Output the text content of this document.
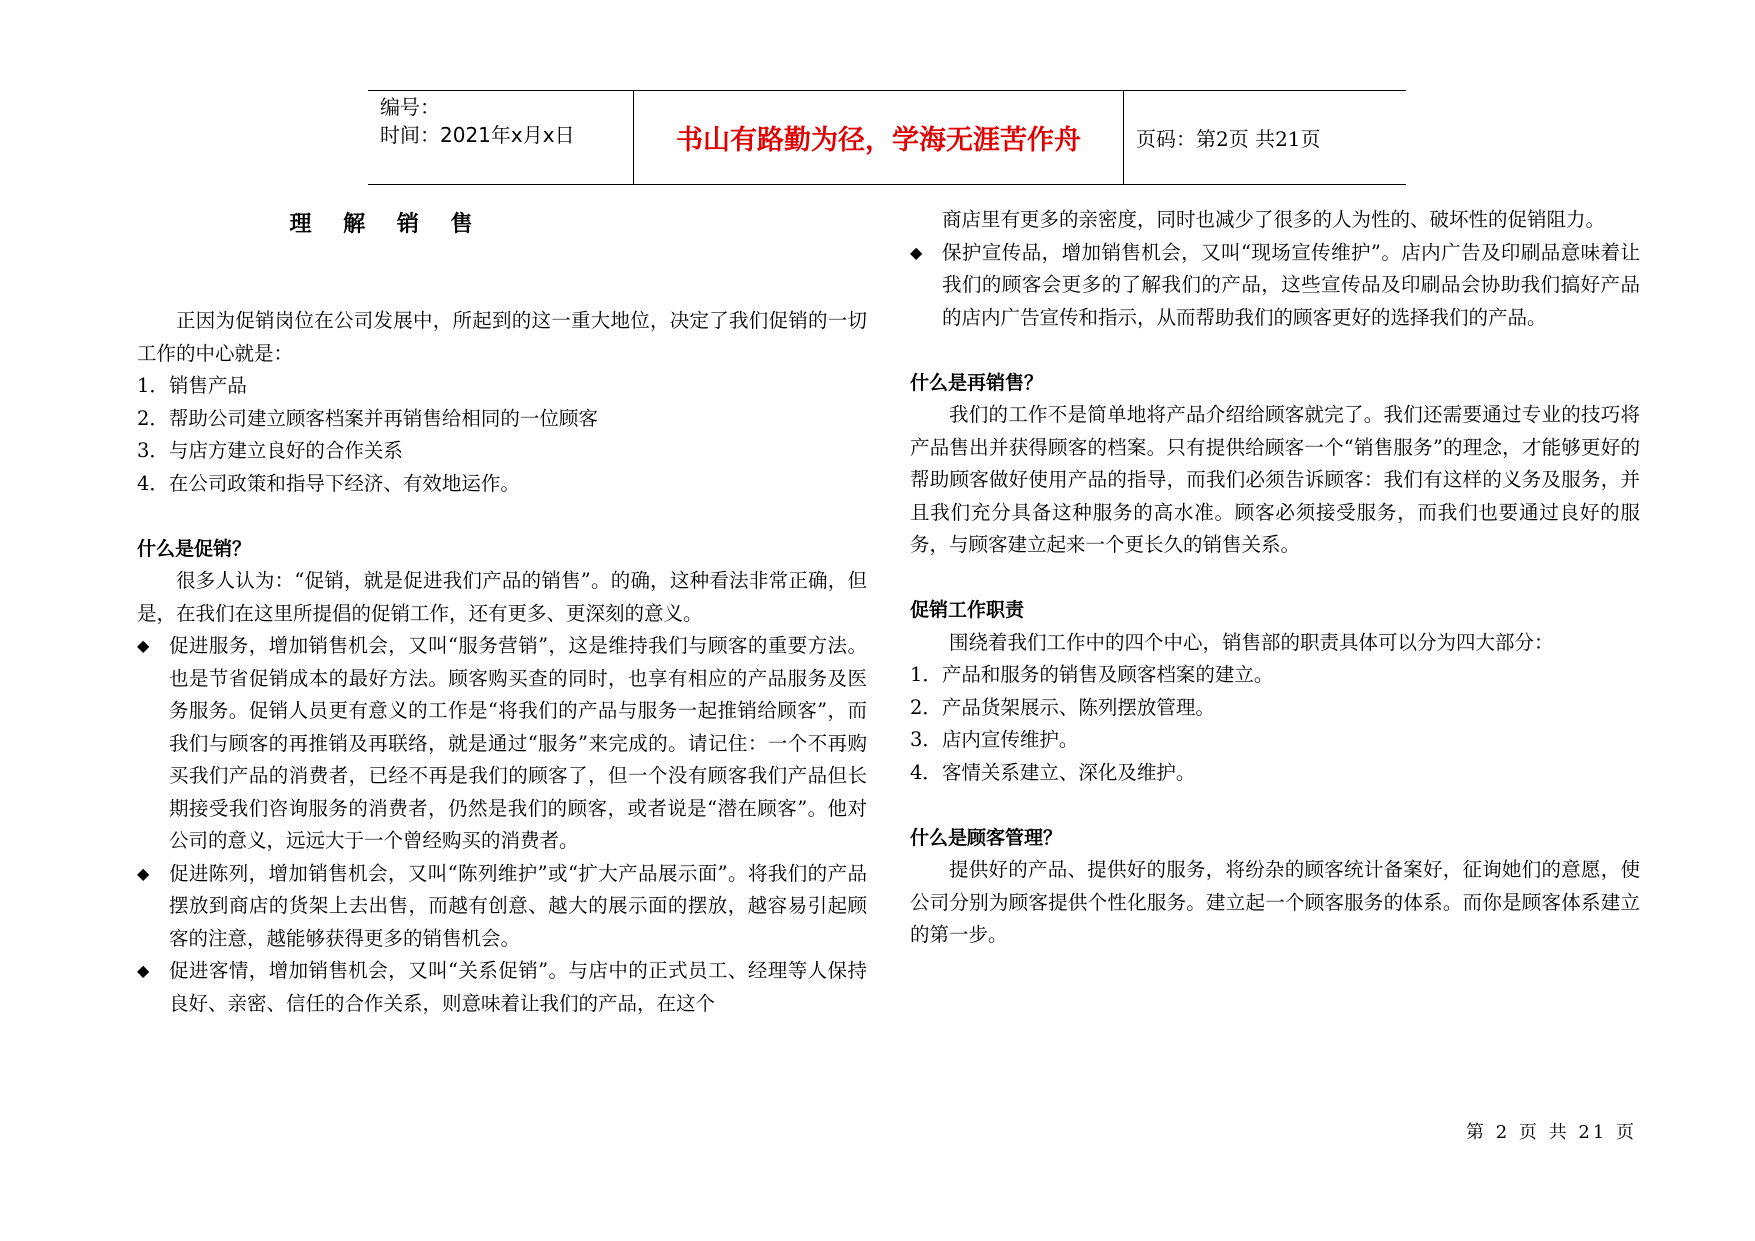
编号：
时间：2021年x月x日	书山有路勤为径，学海无涯苦作舟	页码：第2页 共21页

理 解 销 售

正因为促销岗位在公司发展中，所起到的这一重大地位，决定了我们促销的一切工作的中心就是：

1．销售产品

2．帮助公司建立顾客档案并再销售给相同的一位顾客

3．与店方建立良好的合作关系

4．在公司政策和指导下经济、有效地运作。

什么是促销？

很多人认为：“促销，就是促进我们产品的销售”。的确，这种看法非常正确，但是，在我们在这里所提倡的促销工作，还有更多、更深刻的意义。

◆	促进服务，增加销售机会，又叫“服务营销”，这是维持我们与顾客的重要方法。也是节省促销成本的最好方法。顾客购买查的同时，也享有相应的产品服务及医务服务。促销人员更有意义的工作是“将我们的产品与服务一起推销给顾客”，而我们与顾客的再推销及再联络，就是通过“服务”来完成的。请记住：一个不再购买我们产品的消费者，已经不再是我们的顾客了，但一个没有顾客我们产品但长期接受我们咨询服务的消费者，仍然是我们的顾客，或者说是“潜在顾客”。他对公司的意义，远远大于一个曾经购买的消费者。
◆	促进陈列，增加销售机会，又叫“陈列维护”或“扩大产品展示面”。将我们的产品摆放到商店的货架上去出售，而越有创意、越大的展示面的摆放，越容易引起顾客的注意，越能够获得更多的销售机会。
◆	促进客情，增加销售机会，又叫“关系促销”。与店中的正式员工、经理等人保持良好、亲密、信任的合作关系，则意味着让我们的产品，在这个

商店里有更多的亲密度，同时也减少了很多的人为性的、破坏性的促销阻力。

◆	保护宣传品，增加销售机会，又叫“现场宣传维护”。店内广告及印刷品意味着让我们的顾客会更多的了解我们的产品，这些宣传品及印刷品会协助我们搞好产品的店内广告宣传和指示，从而帮助我们的顾客更好的选择我们的产品。

什么是再销售？

我们的工作不是简单地将产品介绍给顾客就完了。我们还需要通过专业的技巧将产品售出并获得顾客的档案。只有提供给顾客一个“销售服务”的理念，才能够更好的帮助顾客做好使用产品的指导，而我们必须告诉顾客：我们有这样的义务及服务，并且我们充分具备这种服务的高水准。顾客必须接受服务，而我们也要通过良好的服务，与顾客建立起来一个更长久的销售关系。

促销工作职责

围绕着我们工作中的四个中心，销售部的职责具体可以分为四大部分：

1．产品和服务的销售及顾客档案的建立。

2．产品货架展示、陈列摆放管理。

3．店内宣传维护。

4．客情关系建立、深化及维护。

什么是顾客管理？

提供好的产品、提供好的服务，将纷杂的顾客统计备案好，征询她们的意愿，使公司分别为顾客提供个性化服务。建立起一个顾客服务的体系。而你是顾客体系建立的第一步。

第 2 页 共 21 页
